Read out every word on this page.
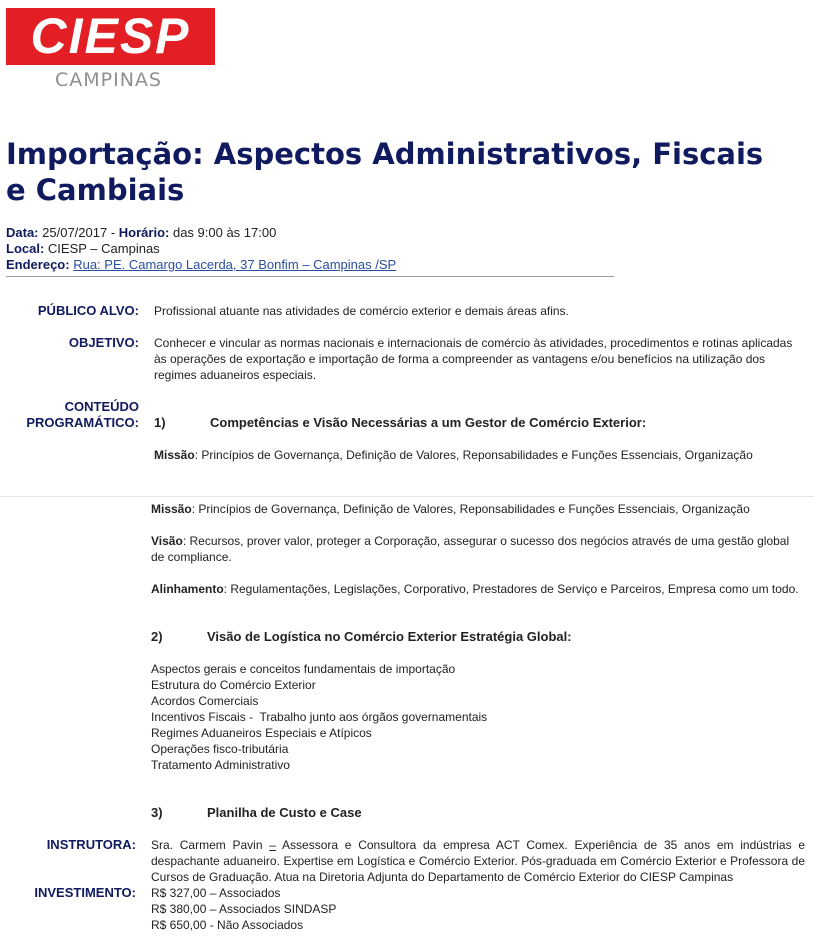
CIESP
CAMPINAS
Importação: Aspectos Administrativos, Fiscais e Cambiais
Data: 25/07/2017 - Horário: das 9:00 às 17:00
Local: CIESP – Campinas
Endereço: Rua: PE. Camargo Lacerda, 37 Bonfim – Campinas /SP
PÚBLICO ALVO: Profissional atuante nas atividades de comércio exterior e demais áreas afins.
OBJETIVO: Conhecer e vincular as normas nacionais e internacionais de comércio às atividades, procedimentos e rotinas aplicadas às operações de exportação e importação de forma a compreender as vantagens e/ou benefícios na utilização dos regimes aduaneiros especiais.
CONTEÚDO
PROGRAMÁTICO: 1)	Competências e Visão Necessárias a um Gestor de Comércio Exterior:
Missão: Princípios de Governança, Definição de Valores, Reponsabilidades e Funções Essenciais, Organização
Missão: Princípios de Governança, Definição de Valores, Reponsabilidades e Funções Essenciais, Organização
Visão: Recursos, prover valor, proteger a Corporação, assegurar o sucesso dos negócios através de uma gestão global de compliance.
Alinhamento: Regulamentações, Legislações, Corporativo, Prestadores de Serviço e Parceiros, Empresa como um todo.
2)	Visão de Logística no Comércio Exterior Estratégia Global:
Aspectos gerais e conceitos fundamentais de importação
Estrutura do Comércio Exterior
Acordos Comerciais
Incentivos Fiscais -  Trabalho junto aos órgãos governamentais
Regimes Aduaneiros Especiais e Atípicos
Operações fisco-tributária
Tratamento Administrativo
3)	Planilha de Custo e Case
INSTRUTORA: Sra. Carmem Pavin – Assessora e Consultora da empresa ACT Comex. Experiência de 35 anos em indústrias e despachante aduaneiro. Expertise em Logística e Comércio Exterior. Pós-graduada em Comércio Exterior e Professora de Cursos de Graduação. Atua na Diretoria Adjunta do Departamento de Comércio Exterior do CIESP Campinas
INVESTIMENTO: R$ 327,00 – Associados
R$ 380,00 – Associados SINDASP
R$ 650,00 - Não Associados
